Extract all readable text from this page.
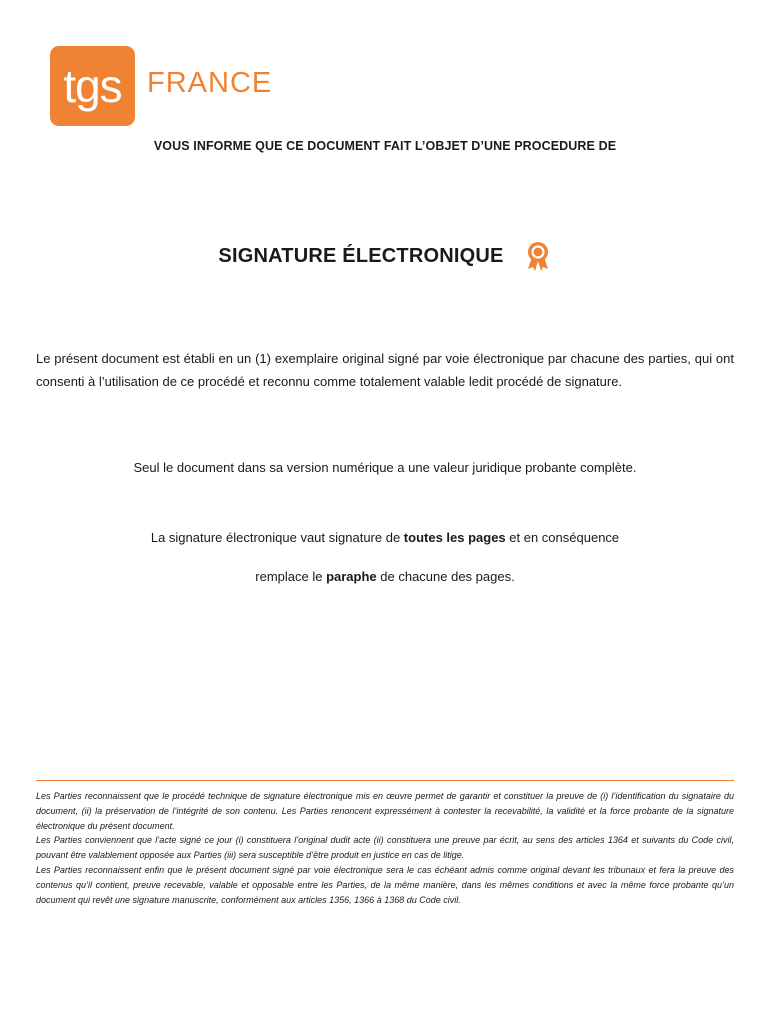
tgs FRANCE
VOUS INFORME QUE CE DOCUMENT FAIT L’OBJET D’UNE PROCEDURE DE
SIGNATURE ÉLECTRONIQUE
Le présent document est établi en un (1) exemplaire original signé par voie électronique par chacune des parties, qui ont consenti à l’utilisation de ce procédé et reconnu comme totalement valable ledit procédé de signature.
Seul le document dans sa version numérique a une valeur juridique probante complète.
La signature électronique vaut signature de toutes les pages et en conséquence
remplace le paraphe de chacune des pages.

Les Parties reconnaissent que le procédé technique de signature électronique mis en œuvre permet de garantir et constituer la preuve de (i) l’identification du signataire du document, (ii) la préservation de l’intégrité de son contenu. Les Parties renoncent expressément à contester la recevabilité, la validité et la force probante de la signature électronique du présent document.

Les Parties conviennent que l’acte signé ce jour (i) constituera l’original dudit acte (ii) constituera une preuve par écrit, au sens des articles 1364 et suivants du Code civil, pouvant être valablement opposée aux Parties (iii) sera susceptible d’être produit en justice en cas de litige.

Les Parties reconnaissent enfin que le présent document signé par voie électronique sera le cas échéant admis comme original devant les tribunaux et fera la preuve des contenus qu’il contient, preuve recevable, valable et opposable entre les Parties, de la même manière, dans les mêmes conditions et avec la même force probante qu’un document qui revêt une signature manuscrite, conformément aux articles 1356, 1366 à 1368 du Code civil.
